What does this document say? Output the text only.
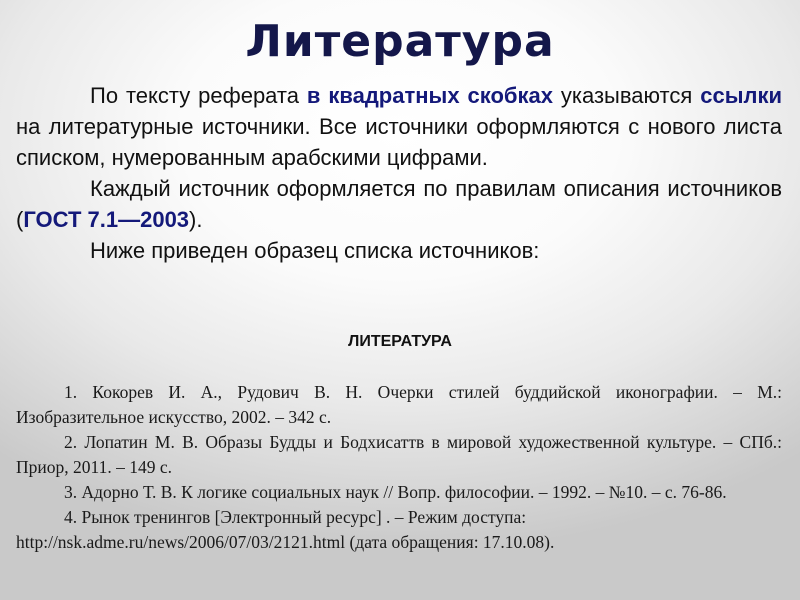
Литература

По тексту реферата в квадратных скобках указываются ссылки на литературные источники. Все источники оформляются с нового листа списком, нумерованным арабскими цифрами.

Каждый источник оформляется по правилам описания источников (ГОСТ 7.1—2003).

Ниже приведен образец списка источников:

ЛИТЕРАТУРА

1. Кокорев И. А., Рудович В. Н. Очерки стилей буддийской иконографии. – М.: Изобразительное искусство, 2002. – 342 с.

2. Лопатин М. В. Образы Будды и Бодхисаттв в мировой художественной культуре. – СПб.: Приор, 2011. – 149 с.

3. Адорно Т. В. К логике социальных наук // Вопр. философии. – 1992. – №10. – с. 76-86.

4. Рынок тренингов [Электронный ресурс] . – Режим доступа: http://nsk.adme.ru/news/2006/07/03/2121.html (дата обращения: 17.10.08).
